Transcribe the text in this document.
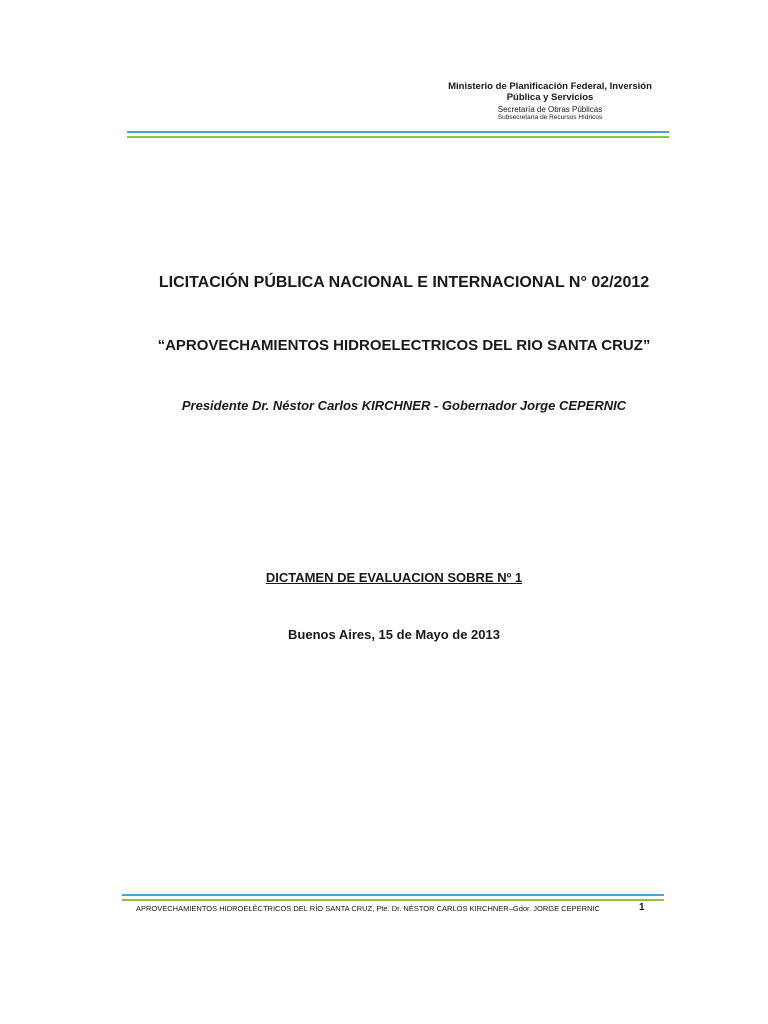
Ministerio de Planificación Federal, Inversión
Pública y Servicios
Secretaría de Obras Públicas
Subsecretaría de Recursos Hídricos
LICITACIÓN PÚBLICA NACIONAL E INTERNACIONAL N° 02/2012
“APROVECHAMIENTOS HIDROELECTRICOS DEL RIO SANTA CRUZ”
Presidente Dr. Néstor Carlos KIRCHNER - Gobernador Jorge CEPERNIC
DICTAMEN DE EVALUACION SOBRE Nº 1
Buenos Aires, 15 de Mayo de 2013
APROVECHAMIENTOS HIDROELÉCTRICOS DEL RÍO SANTA CRUZ, Pte. Dr. NÉSTOR CARLOS KIRCHNER–Gdor. JORGE CEPERNIC	1
